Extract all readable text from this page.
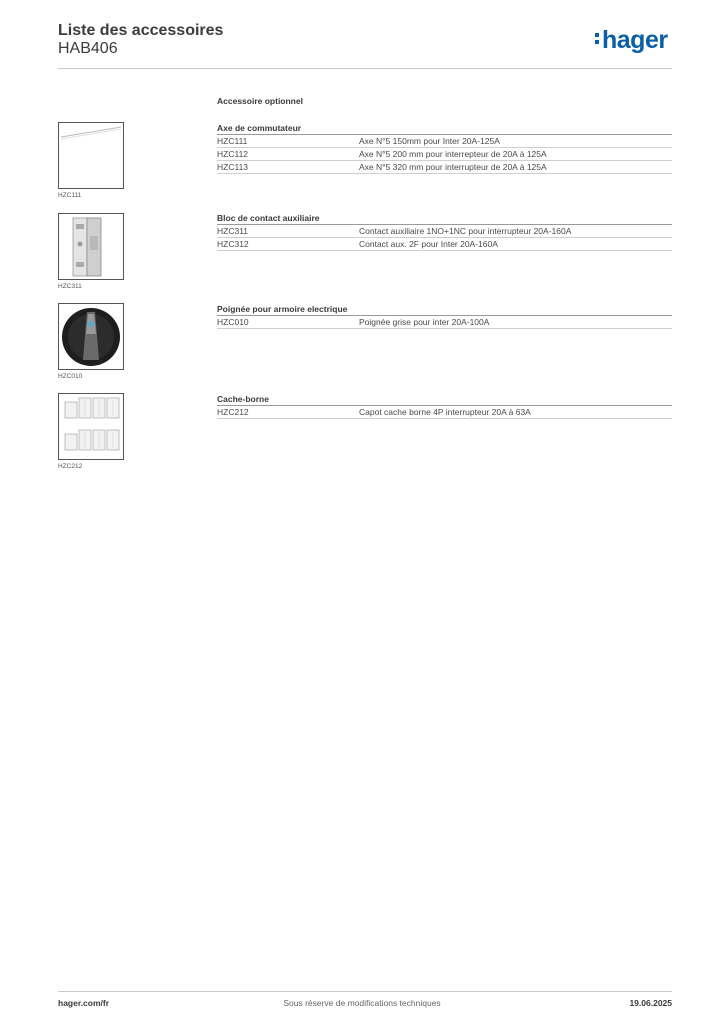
Liste des accessoires
HAB406	hager
Accessoire optionnel
Axe de commutateur
HZC111	Axe N°5 150mm pour Inter 20A-125A
HZC112	Axe N°5 200 mm pour interrepteur de 20A à 125A
HZC113	Axe N°5 320 mm pour interrupteur de 20A à 125A
HZC111
Bloc de contact auxiliaire
HZC311	Contact auxiliaire 1NO+1NC pour interrupteur 20A-160A
HZC312	Contact aux. 2F pour Inter 20A-160A
HZC311
Poignée pour armoire electrique
HZC010	Poignée grise pour inter 20A-100A
HZC010
Cache-borne
HZC212	Capot cache borne 4P interrupteur 20A à 63A
HZC212
hager.com/fr	Sous réserve de modifications techniques	19.06.2025
